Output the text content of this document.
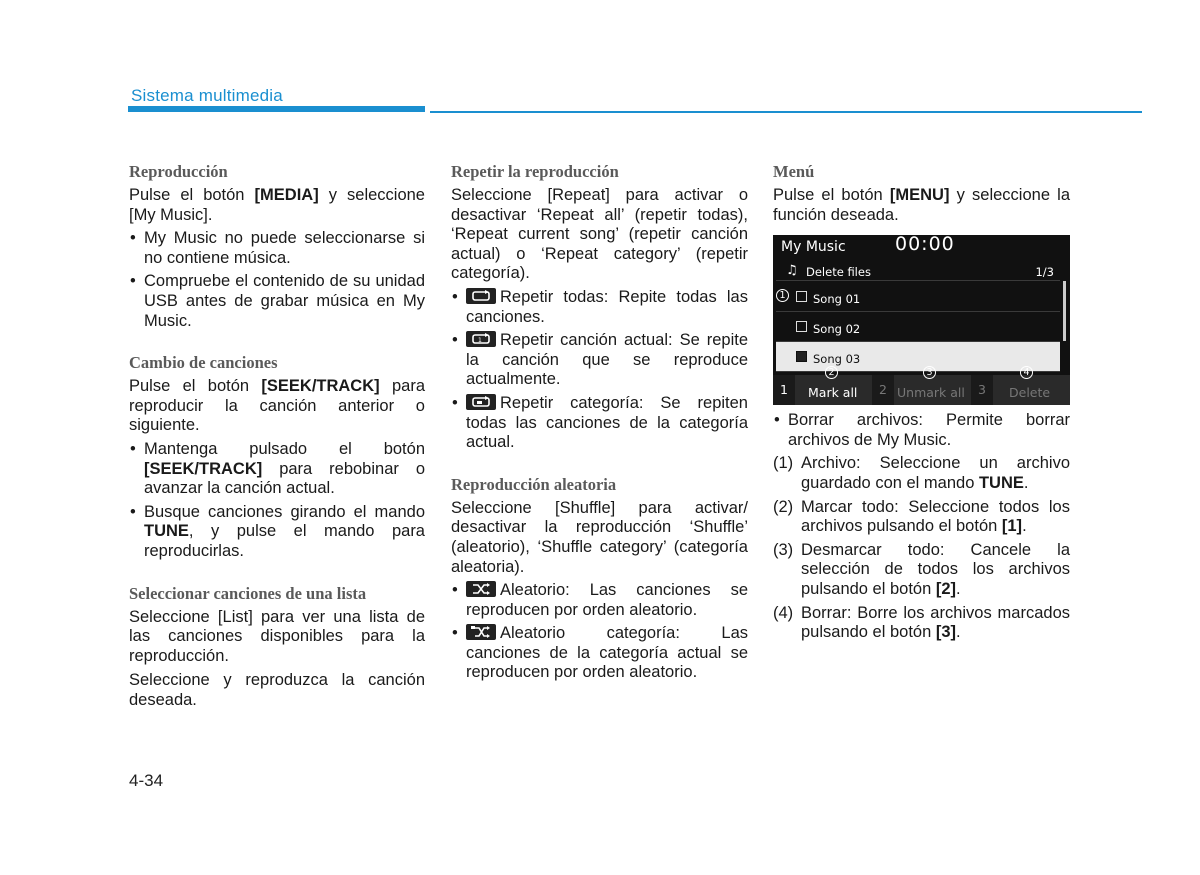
Sistema multimedia
Reproducción

Pulse el botón [MEDIA] y seleccione [My Music].

• My Music no puede seleccionarse si no contiene música.
• Compruebe el contenido de su unidad USB antes de grabar música en My Music.
Cambio de canciones

Pulse el botón [SEEK/TRACK] para reproducir la canción anterior o siguiente.

• Mantenga pulsado el botón [SEEK/TRACK] para rebobinar o avanzar la canción actual.
• Busque canciones girando el mando TUNE, y pulse el mando para reproducirlas.
Seleccionar canciones de una lista

Seleccione [List] para ver una lista de las canciones disponibles para la reproducción.

Seleccione y reproduzca la canción deseada.

Repetir la reproducción

Seleccione [Repeat] para activar o desactivar ‘Repeat all’ (repetir todas), ‘Repeat current song’ (repetir canción actual) o ‘Repeat category’ (repetir categoría).

• Repetir todas: Repite todas las canciones.
• 1 Repetir canción actual: Se repite la canción que se reproduce actualmente.
• Repetir categoría: Se repiten todas las canciones de la categoría actual.
Reproducción aleatoria

Seleccione [Shuffle] para activar/ desactivar la reproducción ‘Shuffle’ (aleatorio), ‘Shuffle category’ (categoría aleatoria).

• Aleatorio: Las canciones se reproducen por orden aleatorio.
• Aleatorio categoría: Las canciones de la categoría actual se reproducen por orden aleatorio.
Menú

Pulse el botón [MENU] y seleccione la función deseada.

My Music	00:00
♫ Delete files	1/3
Song 01
Song 02
Song 03
1	Mark all	2 Unmark all	3	Delete
1
2	3	4
• Borrar archivos: Permite borrar archivos de My Music.
(1) Archivo: Seleccione un archivo guardado con el mando TUNE.
(2) Marcar todo: Seleccione todos los archivos pulsando el botón [1].
(3) Desmarcar todo: Cancele la selección de todos los archivos pulsando el botón [2].
(4) Borrar: Borre los archivos marcados pulsando el botón [3].
4-34
